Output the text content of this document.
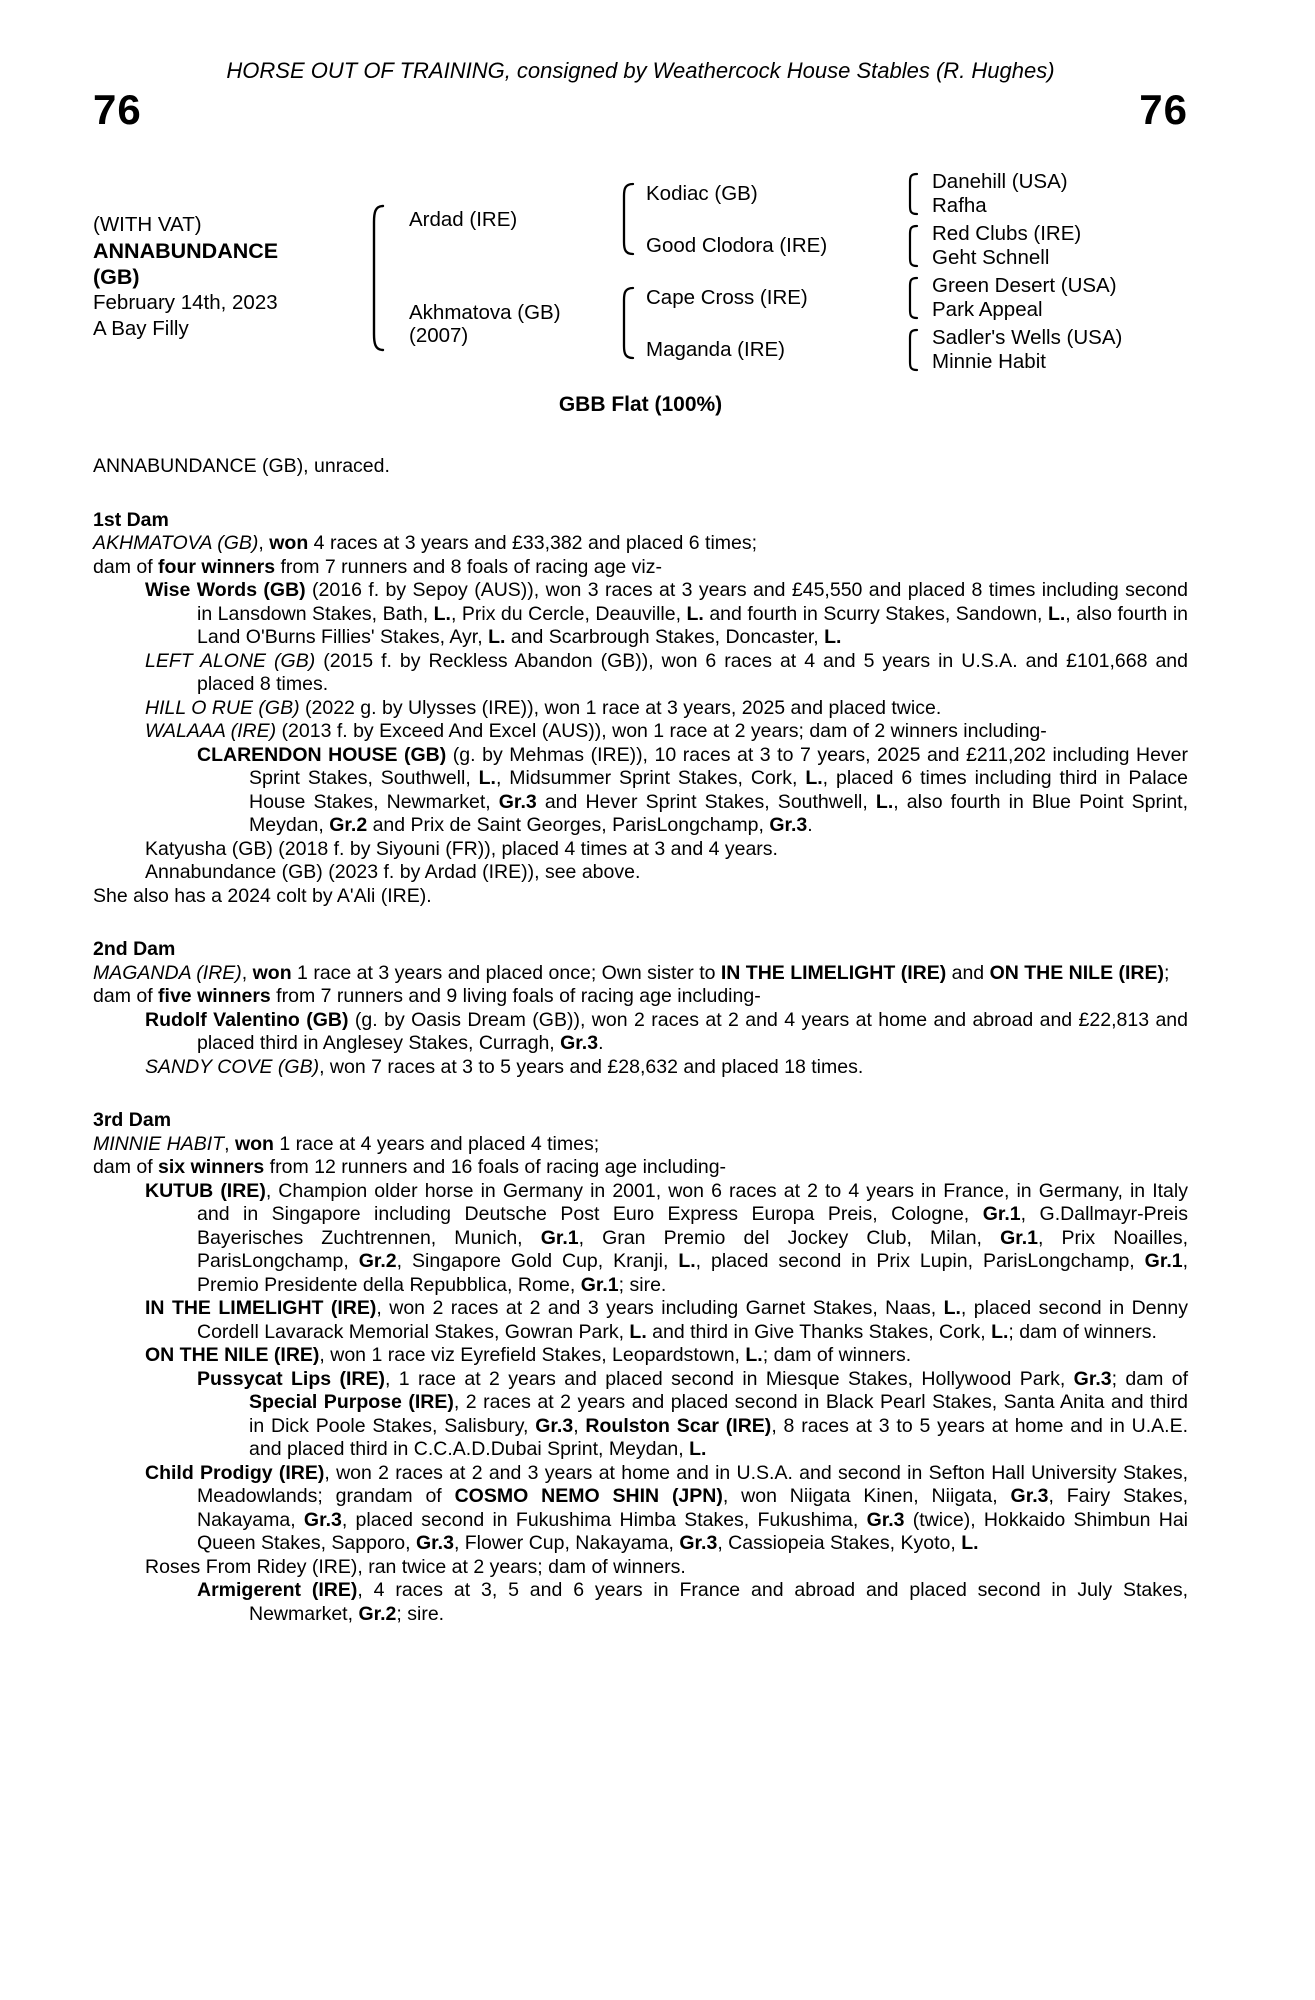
HORSE OUT OF TRAINING, consigned by Weathercock House Stables (R. Hughes)
76	76
(WITH VAT)
ANNABUNDANCE
(GB)
February 14th, 2023
A Bay Filly
Ardad (IRE)
Akhmatova (GB)
(2007)
Kodiac (GB)
Good Clodora (IRE)
Cape Cross (IRE)
Maganda (IRE)
Danehill (USA)
Rafha
Red Clubs (IRE)
Geht Schnell
Green Desert (USA)
Park Appeal
Sadler's Wells (USA)
Minnie Habit
GBB Flat (100%)

ANNABUNDANCE (GB), unraced.

1st Dam

AKHMATOVA (GB), won 4 races at 3 years and £33,382 and placed 6 times;

dam of four winners from 7 runners and 8 foals of racing age viz-

Wise Words (GB) (2016 f. by Sepoy (AUS)), won 3 races at 3 years and £45,550 and placed 8 times including second in Lansdown Stakes, Bath, L., Prix du Cercle, Deauville, L. and fourth in Scurry Stakes, Sandown, L., also fourth in Land O'Burns Fillies' Stakes, Ayr, L. and Scarbrough Stakes, Doncaster, L.

LEFT ALONE (GB) (2015 f. by Reckless Abandon (GB)), won 6 races at 4 and 5 years in U.S.A. and £101,668 and placed 8 times.

HILL O RUE (GB) (2022 g. by Ulysses (IRE)), won 1 race at 3 years, 2025 and placed twice.

WALAAA (IRE) (2013 f. by Exceed And Excel (AUS)), won 1 race at 2 years; dam of 2 winners including-

CLARENDON HOUSE (GB) (g. by Mehmas (IRE)), 10 races at 3 to 7 years, 2025 and £211,202 including Hever Sprint Stakes, Southwell, L., Midsummer Sprint Stakes, Cork, L., placed 6 times including third in Palace House Stakes, Newmarket, Gr.3 and Hever Sprint Stakes, Southwell, L., also fourth in Blue Point Sprint, Meydan, Gr.2 and Prix de Saint Georges, ParisLongchamp, Gr.3.

Katyusha (GB) (2018 f. by Siyouni (FR)), placed 4 times at 3 and 4 years.

Annabundance (GB) (2023 f. by Ardad (IRE)), see above.

She also has a 2024 colt by A'Ali (IRE).

2nd Dam

MAGANDA (IRE), won 1 race at 3 years and placed once; Own sister to IN THE LIMELIGHT (IRE) and ON THE NILE (IRE);

dam of five winners from 7 runners and 9 living foals of racing age including-

Rudolf Valentino (GB) (g. by Oasis Dream (GB)), won 2 races at 2 and 4 years at home and abroad and £22,813 and placed third in Anglesey Stakes, Curragh, Gr.3.

SANDY COVE (GB), won 7 races at 3 to 5 years and £28,632 and placed 18 times.

3rd Dam

MINNIE HABIT, won 1 race at 4 years and placed 4 times;

dam of six winners from 12 runners and 16 foals of racing age including-

KUTUB (IRE), Champion older horse in Germany in 2001, won 6 races at 2 to 4 years in France, in Germany, in Italy and in Singapore including Deutsche Post Euro Express Europa Preis, Cologne, Gr.1, G.Dallmayr-Preis Bayerisches Zuchtrennen, Munich, Gr.1, Gran Premio del Jockey Club, Milan, Gr.1, Prix Noailles, ParisLongchamp, Gr.2, Singapore Gold Cup, Kranji, L., placed second in Prix Lupin, ParisLongchamp, Gr.1, Premio Presidente della Repubblica, Rome, Gr.1; sire.

IN THE LIMELIGHT (IRE), won 2 races at 2 and 3 years including Garnet Stakes, Naas, L., placed second in Denny Cordell Lavarack Memorial Stakes, Gowran Park, L. and third in Give Thanks Stakes, Cork, L.; dam of winners.

ON THE NILE (IRE), won 1 race viz Eyrefield Stakes, Leopardstown, L.; dam of winners.

Pussycat Lips (IRE), 1 race at 2 years and placed second in Miesque Stakes, Hollywood Park, Gr.3; dam of Special Purpose (IRE), 2 races at 2 years and placed second in Black Pearl Stakes, Santa Anita and third in Dick Poole Stakes, Salisbury, Gr.3, Roulston Scar (IRE), 8 races at 3 to 5 years at home and in U.A.E. and placed third in C.C.A.D.Dubai Sprint, Meydan, L.

Child Prodigy (IRE), won 2 races at 2 and 3 years at home and in U.S.A. and second in Sefton Hall University Stakes, Meadowlands; grandam of COSMO NEMO SHIN (JPN), won Niigata Kinen, Niigata, Gr.3, Fairy Stakes, Nakayama, Gr.3, placed second in Fukushima Himba Stakes, Fukushima, Gr.3 (twice), Hokkaido Shimbun Hai Queen Stakes, Sapporo, Gr.3, Flower Cup, Nakayama, Gr.3, Cassiopeia Stakes, Kyoto, L.

Roses From Ridey (IRE), ran twice at 2 years; dam of winners.

Armigerent (IRE), 4 races at 3, 5 and 6 years in France and abroad and placed second in July Stakes, Newmarket, Gr.2; sire.
